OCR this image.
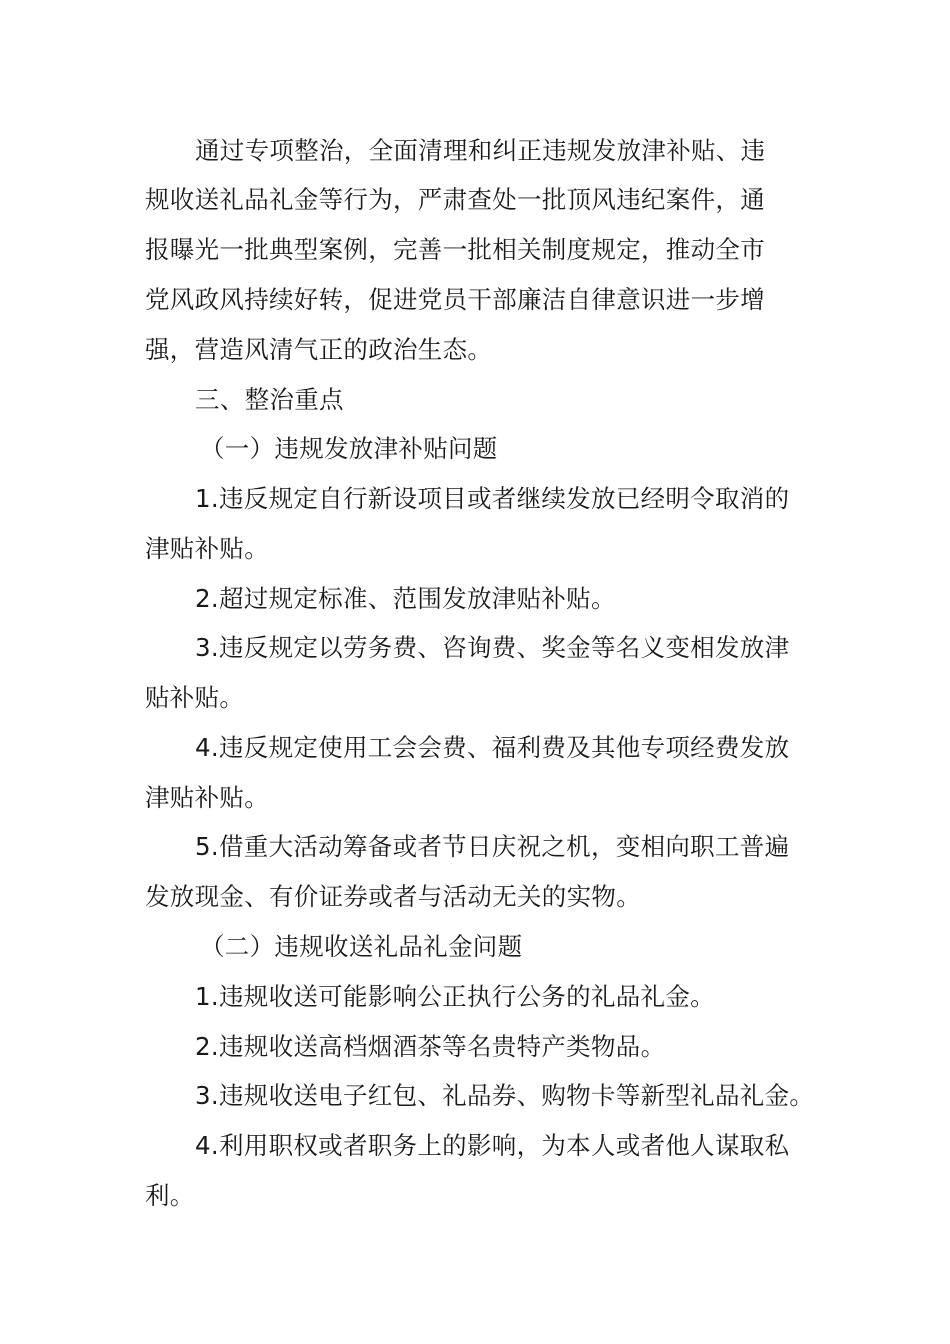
通过专项整治，全面清理和纠正违规发放津补贴、违
规收送礼品礼金等行为，严肃查处一批顶风违纪案件，通
报曝光一批典型案例，完善一批相关制度规定，推动全市
党风政风持续好转，促进党员干部廉洁自律意识进一步增
强，营造风清气正的政治生态。
三、整治重点
（一）违规发放津补贴问题
1.违反规定自行新设项目或者继续发放已经明令取消的
津贴补贴。
2.超过规定标准、范围发放津贴补贴。
3.违反规定以劳务费、咨询费、奖金等名义变相发放津
贴补贴。
4.违反规定使用工会会费、福利费及其他专项经费发放
津贴补贴。
5.借重大活动筹备或者节日庆祝之机，变相向职工普遍
发放现金、有价证券或者与活动无关的实物。
（二）违规收送礼品礼金问题
1.违规收送可能影响公正执行公务的礼品礼金。
2.违规收送高档烟酒茶等名贵特产类物品。
3.违规收送电子红包、礼品券、购物卡等新型礼品礼金。
4.利用职权或者职务上的影响，为本人或者他人谋取私
利。
